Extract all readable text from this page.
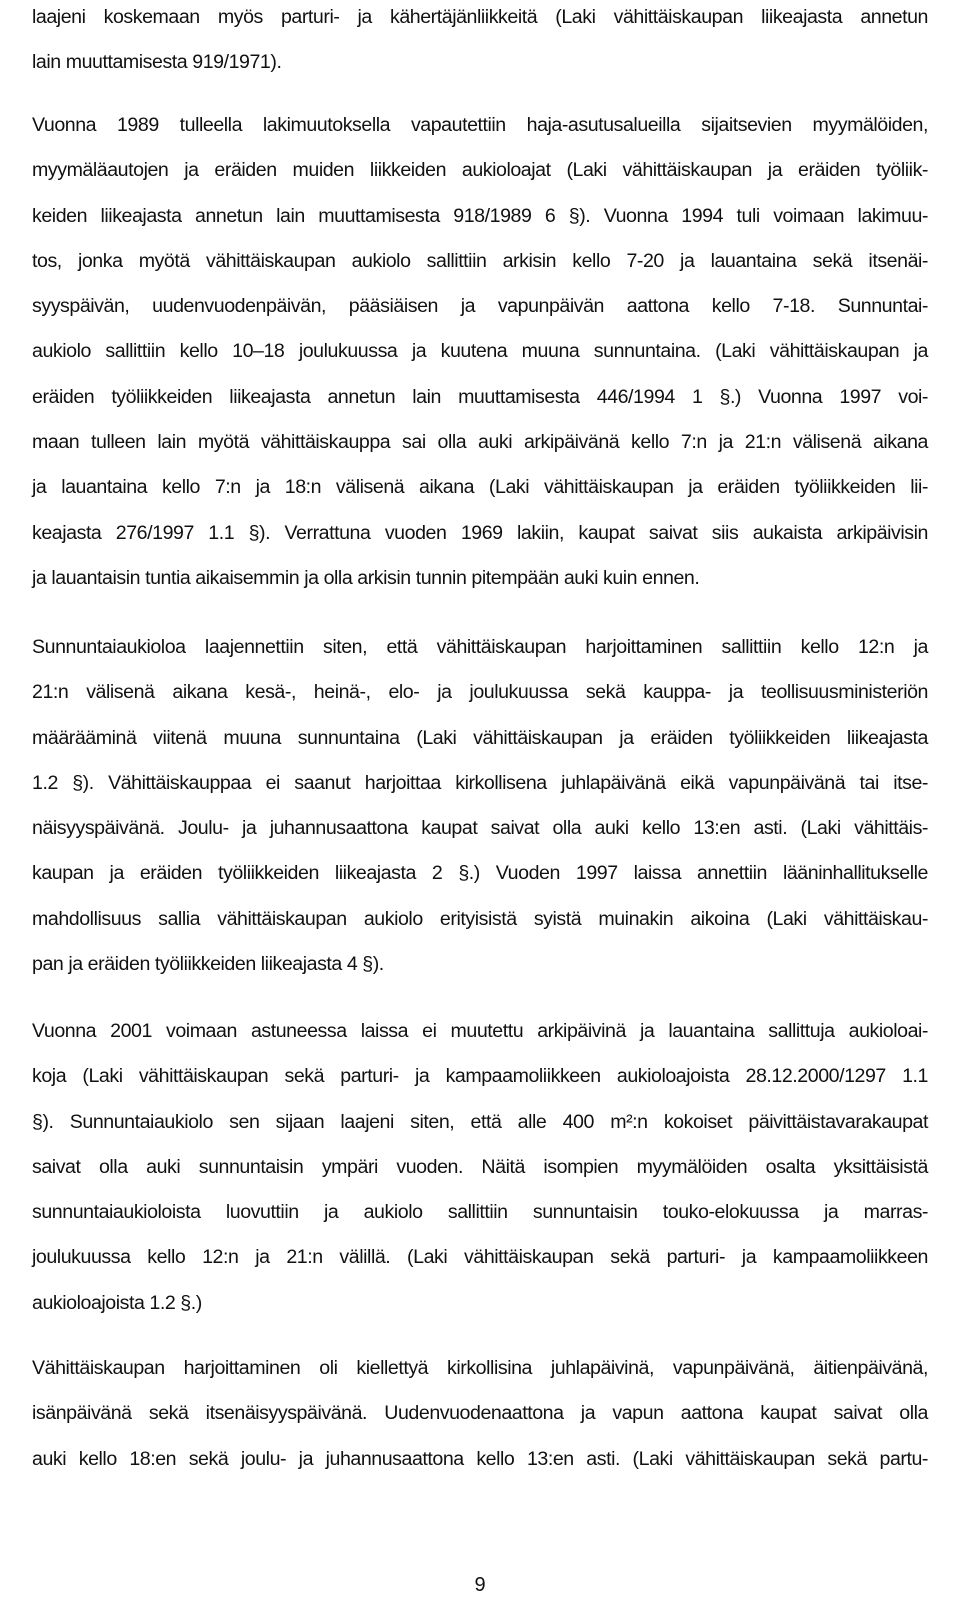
laajeni koskemaan myös parturi- ja kähertäjänliikkeitä (Laki vähittäiskaupan liikeajasta annetun
lain muuttamisesta 919/1971).
Vuonna 1989 tulleella lakimuutoksella vapautettiin haja-asutusalueilla sijaitsevien myymälöiden,
myymäläautojen ja eräiden muiden liikkeiden aukioloajat (Laki vähittäiskaupan ja eräiden työliik-
keiden liikeajasta annetun lain muuttamisesta 918/1989 6 §). Vuonna 1994 tuli voimaan lakimuu-
tos, jonka myötä vähittäiskaupan aukiolo sallittiin arkisin kello 7-20 ja lauantaina sekä itsenäi-
syyspäivän, uudenvuodenpäivän, pääsiäisen ja vapunpäivän aattona kello 7-18. Sunnuntai-
aukiolo sallittiin kello 10–18 joulukuussa ja kuutena muuna sunnuntaina. (Laki vähittäiskaupan ja
eräiden työliikkeiden liikeajasta annetun lain muuttamisesta 446/1994 1 §.) Vuonna 1997 voi-
maan tulleen lain myötä vähittäiskauppa sai olla auki arkipäivänä kello 7:n ja 21:n välisenä aikana
ja lauantaina kello 7:n ja 18:n välisenä aikana (Laki vähittäiskaupan ja eräiden työliikkeiden lii-
keajasta 276/1997 1.1 §). Verrattuna vuoden 1969 lakiin, kaupat saivat siis aukaista arkipäivisin
ja lauantaisin tuntia aikaisemmin ja olla arkisin tunnin pitempään auki kuin ennen.
Sunnuntaiaukioloa laajennettiin siten, että vähittäiskaupan harjoittaminen sallittiin kello 12:n ja
21:n välisenä aikana kesä-, heinä-, elo- ja joulukuussa sekä kauppa- ja teollisuusministeriön
määrääminä viitenä muuna sunnuntaina (Laki vähittäiskaupan ja eräiden työliikkeiden liikeajasta
1.2 §). Vähittäiskauppaa ei saanut harjoittaa kirkollisena juhlapäivänä eikä vapunpäivänä tai itse-
näisyyspäivänä. Joulu- ja juhannusaattona kaupat saivat olla auki kello 13:en asti. (Laki vähittäis-
kaupan ja eräiden työliikkeiden liikeajasta 2 §.) Vuoden 1997 laissa annettiin lääninhallitukselle
mahdollisuus sallia vähittäiskaupan aukiolo erityisistä syistä muinakin aikoina (Laki vähittäiskau-
pan ja eräiden työliikkeiden liikeajasta 4 §).
Vuonna 2001 voimaan astuneessa laissa ei muutettu arkipäivinä ja lauantaina sallittuja aukioloai-
koja (Laki vähittäiskaupan sekä parturi- ja kampaamoliikkeen aukioloajoista 28.12.2000/1297 1.1
§). Sunnuntaiaukiolo sen sijaan laajeni siten, että alle 400 m²:n kokoiset päivittäistavarakaupat
saivat olla auki sunnuntaisin ympäri vuoden. Näitä isompien myymälöiden osalta yksittäisistä
sunnuntaiaukioloista luovuttiin ja aukiolo sallittiin sunnuntaisin touko-elokuussa ja marras-
joulukuussa kello 12:n ja 21:n välillä. (Laki vähittäiskaupan sekä parturi- ja kampaamoliikkeen
aukioloajoista 1.2 §.)
Vähittäiskaupan harjoittaminen oli kiellettyä kirkollisina juhlapäivinä, vapunpäivänä, äitienpäivänä,
isänpäivänä sekä itsenäisyyspäivänä. Uudenvuodenaattona ja vapun aattona kaupat saivat olla
auki kello 18:en sekä joulu- ja juhannusaattona kello 13:en asti. (Laki vähittäiskaupan sekä partu-
9
